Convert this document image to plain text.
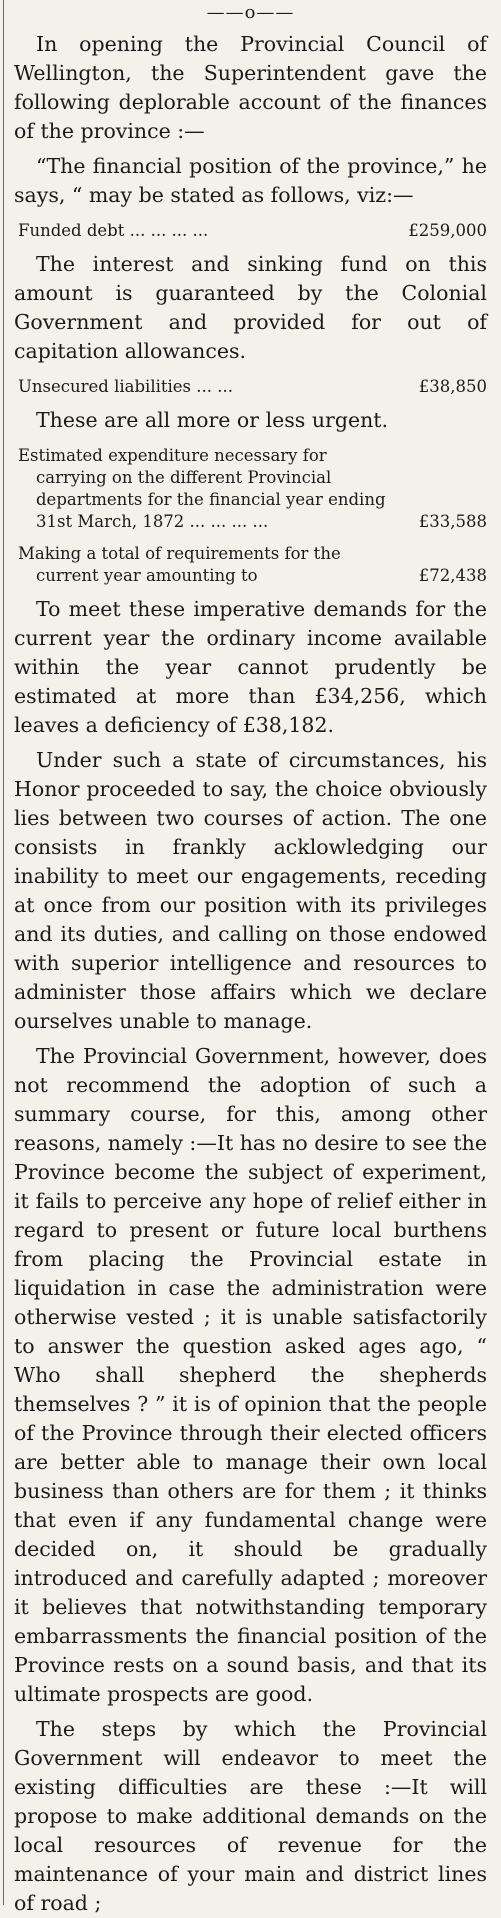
——o——

In opening the Provincial Council of Wellington, the Superintendent gave the following deplorable account of the finances of the province :—

“The financial position of the province,” he says, “ may be stated as follows, viz:—

Funded debt ... ... ... ...	£259,000

The interest and sinking fund on this amount is guaranteed by the Colonial Government and provided for out of capitation allowances.

Unsecured liabilities ... ...	£38,850

These are all more or less urgent.

Estimated expenditure necessary for carrying on the different Provincial departments for the financial year ending 31st March, 1872 ... ... ... ...	£33,588
Making a total of requirements for the current year amounting to	£72,438

To meet these imperative demands for the current year the ordinary income available within the year cannot prudently be estimated at more than £34,256, which leaves a deficiency of £38,182.

Under such a state of circumstances, his Honor proceeded to say, the choice obviously lies between two courses of action. The one consists in frankly acklowledging our inability to meet our engagements, receding at once from our position with its privileges and its duties, and calling on those endowed with superior intelligence and resources to administer those affairs which we declare ourselves unable to manage.

The Provincial Government, however, does not recommend the adoption of such a summary course, for this, among other reasons, namely :—It has no desire to see the Province become the subject of experiment, it fails to perceive any hope of relief either in regard to present or future local burthens from placing the Provincial estate in liquidation in case the administration were otherwise vested ; it is unable satisfactorily to answer the question asked ages ago, “ Who shall shepherd the shepherds themselves ? ” it is of opinion that the people of the Province through their elected officers are better able to manage their own local business than others are for them ; it thinks that even if any fundamental change were decided on, it should be gradually introduced and carefully adapted ; moreover it believes that notwithstanding temporary embarrassments the financial position of the Province rests on a sound basis, and that its ultimate prospects are good.

The steps by which the Provincial Government will endeavor to meet the existing difficulties are these :—It will propose to make additional demands on the local resources of revenue for the maintenance of your main and district lines of road ;
